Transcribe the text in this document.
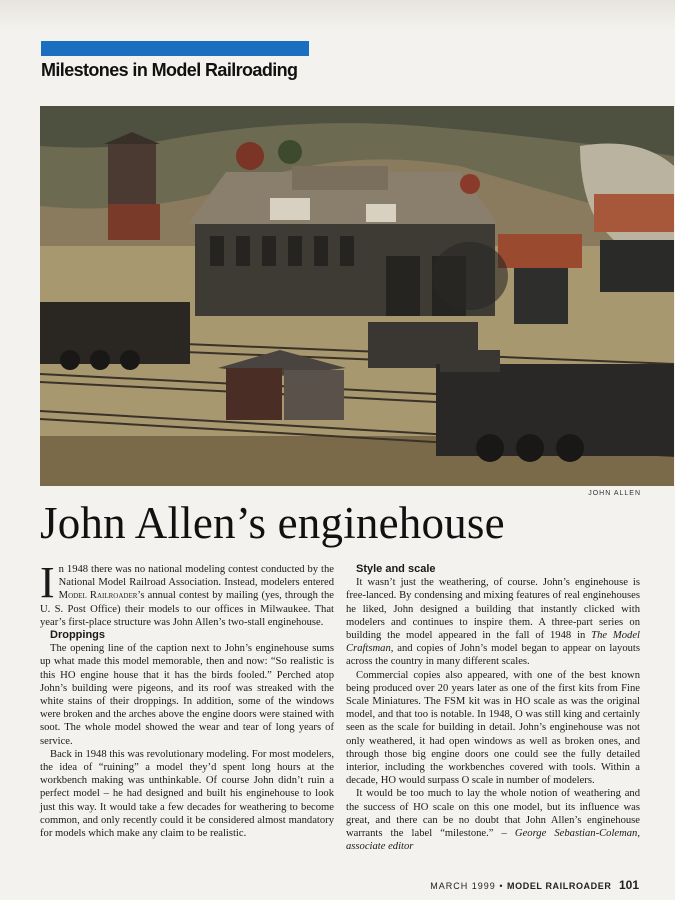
Milestones in Model Railroading
JOHN ALLEN
John Allen’s enginehouse

In 1948 there was no national modeling contest conducted by the National Model Railroad Association. Instead, modelers entered Model Railroader’s annual contest by mailing (yes, through the U. S. Post Office) their models to our offices in Milwaukee. That year’s first-place structure was John Allen’s two-stall enginehouse.

Droppings

The opening line of the caption next to John’s enginehouse sums up what made this model memorable, then and now: “So realistic is this HO engine house that it has the birds fooled.” Perched atop John’s building were pigeons, and its roof was streaked with the white stains of their droppings. In addition, some of the windows were broken and the arches above the engine doors were stained with soot. The whole model showed the wear and tear of long years of service.

Back in 1948 this was revolutionary modeling. For most modelers, the idea of “ruining” a model they’d spent long hours at the workbench making was unthinkable. Of course John didn’t ruin a perfect model – he had designed and built his enginehouse to look just this way. It would take a few decades for weathering to become common, and only recently could it be considered almost mandatory for models which make any claim to be realistic.

Style and scale

It wasn’t just the weathering, of course. John’s enginehouse is free-lanced. By condensing and mixing features of real enginehouses he liked, John designed a building that instantly clicked with modelers and continues to inspire them. A three-part series on building the model appeared in the fall of 1948 in The Model Craftsman, and copies of John’s model began to appear on layouts across the country in many different scales.

Commercial copies also appeared, with one of the best known being produced over 20 years later as one of the first kits from Fine Scale Miniatures. The FSM kit was in HO scale as was the original model, and that too is notable. In 1948, O was still king and certainly seen as the scale for building in detail. John’s enginehouse was not only weathered, it had open windows as well as broken ones, and through those big engine doors one could see the fully detailed interior, including the workbenches covered with tools. Within a decade, HO would surpass O scale in number of modelers.

It would be too much to lay the whole notion of weathering and the success of HO scale on this one model, but its influence was great, and there can be no doubt that John Allen’s enginehouse warrants the label “milestone.” – George Sebastian-Coleman, associate editor

MARCH 1999 • MODEL RAILROADER 101
